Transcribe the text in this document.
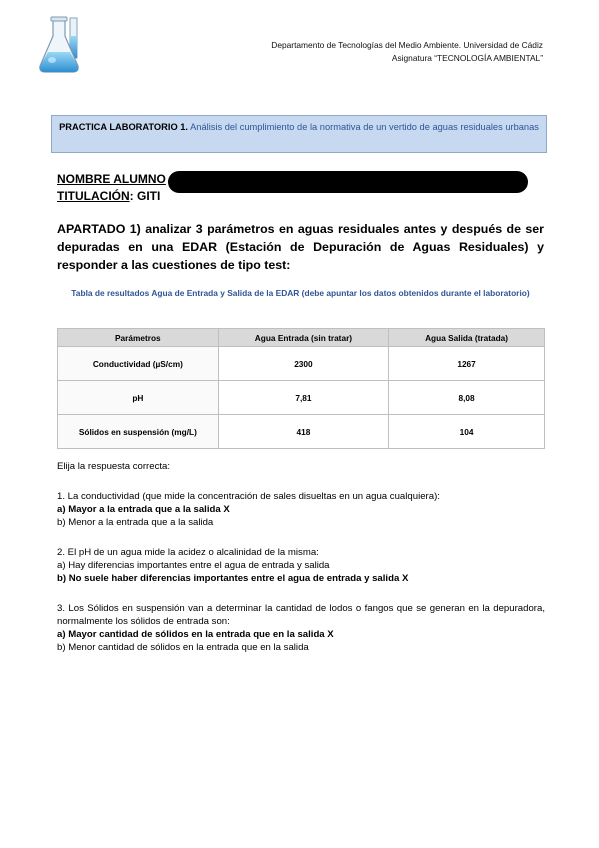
Departamento de Tecnologías del Medio Ambiente. Universidad de Cádiz
Asignatura “TECNOLOGÍA AMBIENTAL”
PRACTICA LABORATORIO 1. Análisis del cumplimiento de la normativa de un vertido de aguas residuales urbanas
NOMBRE ALUMNO
TITULACIÓN: GITI
APARTADO 1) analizar 3 parámetros en aguas residuales antes y después de ser depuradas en una EDAR (Estación de Depuración de Aguas Residuales) y responder a las cuestiones de tipo test:
Tabla de resultados Agua de Entrada y Salida de la EDAR (debe apuntar los datos obtenidos durante el laboratorio)
Parámetros	Agua Entrada (sin tratar)	Agua Salida (tratada)
Conductividad (µS/cm)	2300	1267
pH	7,81	8,08
Sólidos en suspensión (mg/L)	418	104

Elija la respuesta correcta:

1. La conductividad (que mide la concentración de sales disueltas en un agua cualquiera):

a) Mayor a la entrada que a la salida X

b) Menor a la entrada que a la salida

2. El pH de un agua mide la acidez o alcalinidad de la misma:

a) Hay diferencias importantes entre el agua de entrada y salida

b) No suele haber diferencias importantes entre el agua de entrada y salida X

3. Los Sólidos en suspensión van a determinar la cantidad de lodos o fangos que se generan en la depuradora, normalmente los sólidos de entrada son:

a) Mayor cantidad de sólidos en la entrada que en la salida X

b) Menor cantidad de sólidos en la entrada que en la salida
